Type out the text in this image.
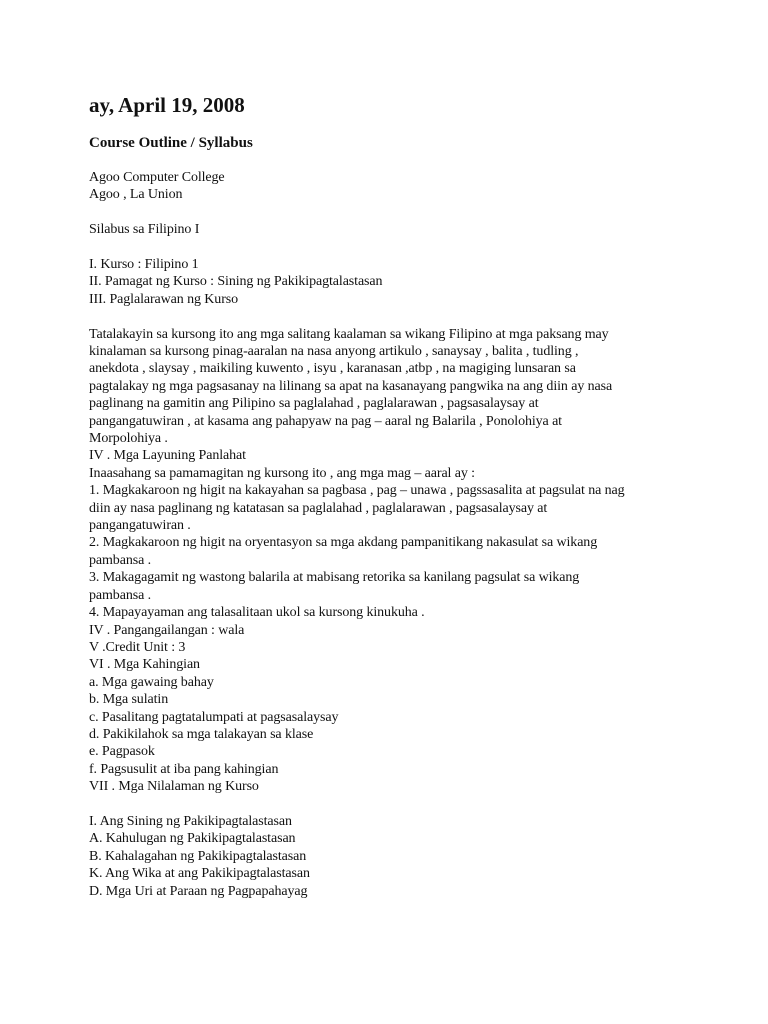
ay, April 19, 2008
Course Outline / Syllabus
Agoo Computer College
Agoo , La Union
Silabus sa Filipino I
I. Kurso : Filipino 1
II. Pamagat ng Kurso : Sining ng Pakikipagtalastasan
III. Paglalarawan ng Kurso
Tatalakayin sa kursong ito ang mga salitang kaalaman sa wikang Filipino at mga paksang may
kinalaman sa kursong pinag-aaralan na nasa anyong artikulo , sanaysay , balita , tudling ,
anekdota , slaysay , maikiling kuwento , isyu , karanasan ,atbp , na magiging lunsaran sa
pagtalakay ng mga pagsasanay na lilinang sa apat na kasanayang pangwika na ang diin ay nasa
paglinang na gamitin ang Pilipino sa paglalahad , paglalarawan , pagsasalaysay at
pangangatuwiran , at kasama ang pahapyaw na pag – aaral ng Balarila , Ponolohiya at
Morpolohiya .
IV . Mga Layuning Panlahat
Inaasahang sa pamamagitan ng kursong ito , ang mga mag – aaral ay :
1. Magkakaroon ng higit na kakayahan sa pagbasa , pag – unawa , pagssasalita at pagsulat na nag
diin ay nasa paglinang ng katatasan sa paglalahad , paglalarawan , pagsasalaysay at
pangangatuwiran .
2. Magkakaroon ng higit na oryentasyon sa mga akdang pampanitikang nakasulat sa wikang
pambansa .
3. Makagagamit ng wastong balarila at mabisang retorika sa kanilang pagsulat sa wikang
pambansa .
4. Mapayayaman ang talasalitaan ukol sa kursong kinukuha .
IV . Pangangailangan : wala
V .Credit Unit : 3
VI . Mga Kahingian
a. Mga gawaing bahay
b. Mga sulatin
c. Pasalitang pagtatalumpati at pagsasalaysay
d. Pakikilahok sa mga talakayan sa klase
e. Pagpasok
f. Pagsusulit at iba pang kahingian
VII . Mga Nilalaman ng Kurso
I. Ang Sining ng Pakikipagtalastasan
A. Kahulugan ng Pakikipagtalastasan
B. Kahalagahan ng Pakikipagtalastasan
K. Ang Wika at ang Pakikipagtalastasan
D. Mga Uri at Paraan ng Pagpapahayag
